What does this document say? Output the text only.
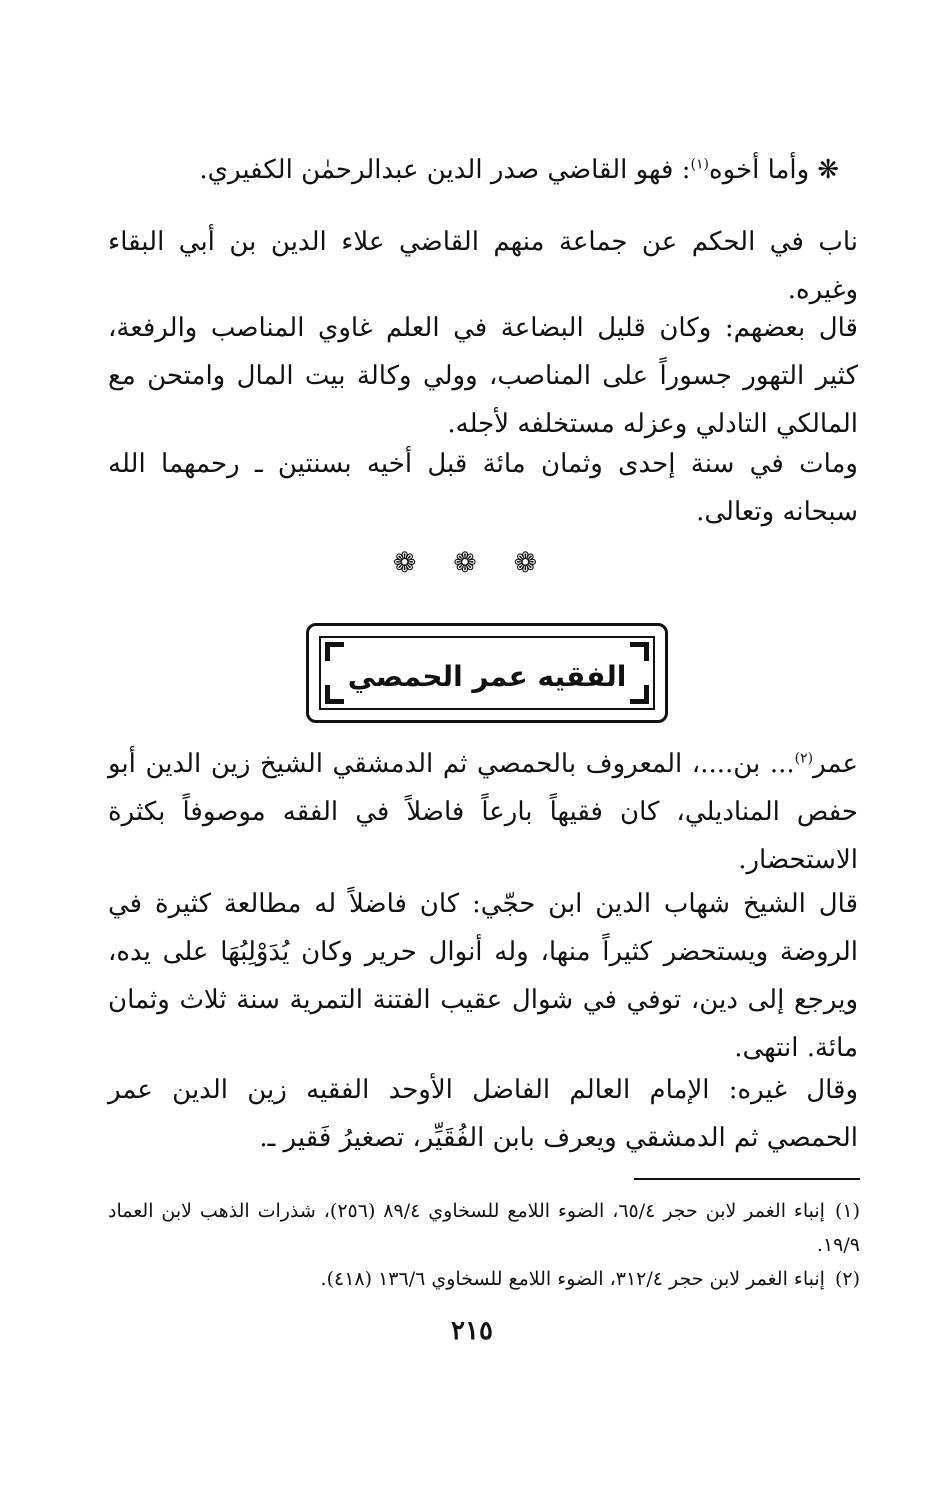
❋وأما أخوه$^{(١)}$: فهو القاضي صدر الدين عبدالرحمٰن الكفيري.

ناب في الحكم عن جماعة منهم القاضي علاء الدين بن أبي البقاء وغيره.

قال بعضهم: وكان قليل البضاعة في العلم غاوي المناصب والرفعة، كثير التهور جسوراً على المناصب، وولي وكالة بيت المال وامتحن مع المالكي التادلي وعزله مستخلفه لأجله.

ومات في سنة إحدى وثمان مائة قبل أخيه بسنتين ـ رحمهما الله سبحانه وتعالى.

❁ ❁ ❁
الفقيه عمر الحمصي

عمر$^{(٢)}$... بن....، المعروف بالحمصي ثم الدمشقي الشيخ زين الدين أبو حفص المناديلي، كان فقيهاً بارعاً فاضلاً في الفقه موصوفاً بكثرة الاستحضار.

قال الشيخ شهاب الدين ابن حجّي: كان فاضلاً له مطالعة كثيرة في الروضة ويستحضر كثيراً منها، وله أنوال حرير وكان يُدَوْلِبُهَا على يده، ويرجع إلى دين، توفي في شوال عقيب الفتنة التمرية سنة ثلاث وثمان مائة. انتهى.

وقال غيره: الإمام العالم الفاضل الأوحد الفقيه زين الدين عمر الحمصي ثم الدمشقي ويعرف بابن الفُقَيِّر، تصغيرُ فَقير ـ.

(١)إنباء الغمر لابن حجر ٦٥/٤، الضوء اللامع للسخاوي ٨٩/٤ (٢٥٦)، شذرات الذهب لابن العماد ١٩/٩.

(٢)إنباء الغمر لابن حجر ٣١٢/٤، الضوء اللامع للسخاوي ١٣٦/٦ (٤١٨).

٢١٥
